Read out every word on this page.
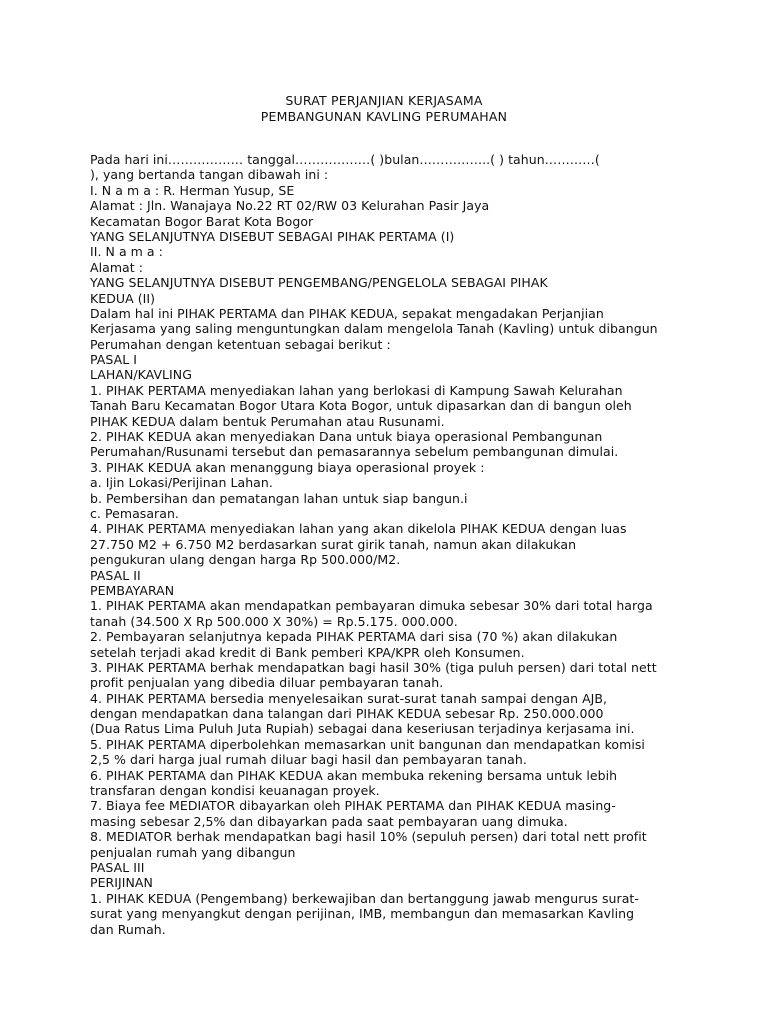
SURAT PERJANJIAN KERJASAMA
PEMBANGUNAN KAVLING PERUMAHAN
Pada hari ini……………… tanggal………………( )bulan……………..( ) tahun…………(
), yang bertanda tangan dibawah ini :
I. N a m a : R. Herman Yusup, SE
Alamat : Jln. Wanajaya No.22 RT 02/RW 03 Kelurahan Pasir Jaya
Kecamatan Bogor Barat Kota Bogor
YANG SELANJUTNYA DISEBUT SEBAGAI PIHAK PERTAMA (I)
II. N a m a :
Alamat :
YANG SELANJUTNYA DISEBUT PENGEMBANG/PENGELOLA SEBAGAI PIHAK
KEDUA (II)
Dalam hal ini PIHAK PERTAMA dan PIHAK KEDUA, sepakat mengadakan Perjanjian
Kerjasama yang saling menguntungkan dalam mengelola Tanah (Kavling) untuk dibangun
Perumahan dengan ketentuan sebagai berikut :
PASAL I
LAHAN/KAVLING
1. PIHAK PERTAMA menyediakan lahan yang berlokasi di Kampung Sawah Kelurahan
Tanah Baru Kecamatan Bogor Utara Kota Bogor, untuk dipasarkan dan di bangun oleh
PIHAK KEDUA dalam bentuk Perumahan atau Rusunami.
2. PIHAK KEDUA akan menyediakan Dana untuk biaya operasional Pembangunan
Perumahan/Rusunami tersebut dan pemasarannya sebelum pembangunan dimulai.
3. PIHAK KEDUA akan menanggung biaya operasional proyek :
a. Ijin Lokasi/Perijinan Lahan.
b. Pembersihan dan pematangan lahan untuk siap bangun.i
c. Pemasaran.
4. PIHAK PERTAMA menyediakan lahan yang akan dikelola PIHAK KEDUA dengan luas
27.750 M2 + 6.750 M2 berdasarkan surat girik tanah, namun akan dilakukan
pengukuran ulang dengan harga Rp 500.000/M2.
PASAL II
PEMBAYARAN
1. PIHAK PERTAMA akan mendapatkan pembayaran dimuka sebesar 30% dari total harga
tanah (34.500 X Rp 500.000 X 30%) = Rp.5.175. 000.000.
2. Pembayaran selanjutnya kepada PIHAK PERTAMA dari sisa (70 %) akan dilakukan
setelah terjadi akad kredit di Bank pemberi KPA/KPR oleh Konsumen.
3. PIHAK PERTAMA berhak mendapatkan bagi hasil 30% (tiga puluh persen) dari total nett
profit penjualan yang dibedia diluar pembayaran tanah.
4. PIHAK PERTAMA bersedia menyelesaikan surat-surat tanah sampai dengan AJB,
dengan mendapatkan dana talangan dari PIHAK KEDUA sebesar Rp. 250.000.000
(Dua Ratus Lima Puluh Juta Rupiah) sebagai dana keseriusan terjadinya kerjasama ini.
5. PIHAK PERTAMA diperbolehkan memasarkan unit bangunan dan mendapatkan komisi
2,5 % dari harga jual rumah diluar bagi hasil dan pembayaran tanah.
6. PIHAK PERTAMA dan PIHAK KEDUA akan membuka rekening bersama untuk lebih
transfaran dengan kondisi keuanagan proyek.
7. Biaya fee MEDIATOR dibayarkan oleh PIHAK PERTAMA dan PIHAK KEDUA masing-
masing sebesar 2,5% dan dibayarkan pada saat pembayaran uang dimuka.
8. MEDIATOR berhak mendapatkan bagi hasil 10% (sepuluh persen) dari total nett profit
penjualan rumah yang dibangun
PASAL III
PERIJINAN
1. PIHAK KEDUA (Pengembang) berkewajiban dan bertanggung jawab mengurus surat-
surat yang menyangkut dengan perijinan, IMB, membangun dan memasarkan Kavling
dan Rumah.
